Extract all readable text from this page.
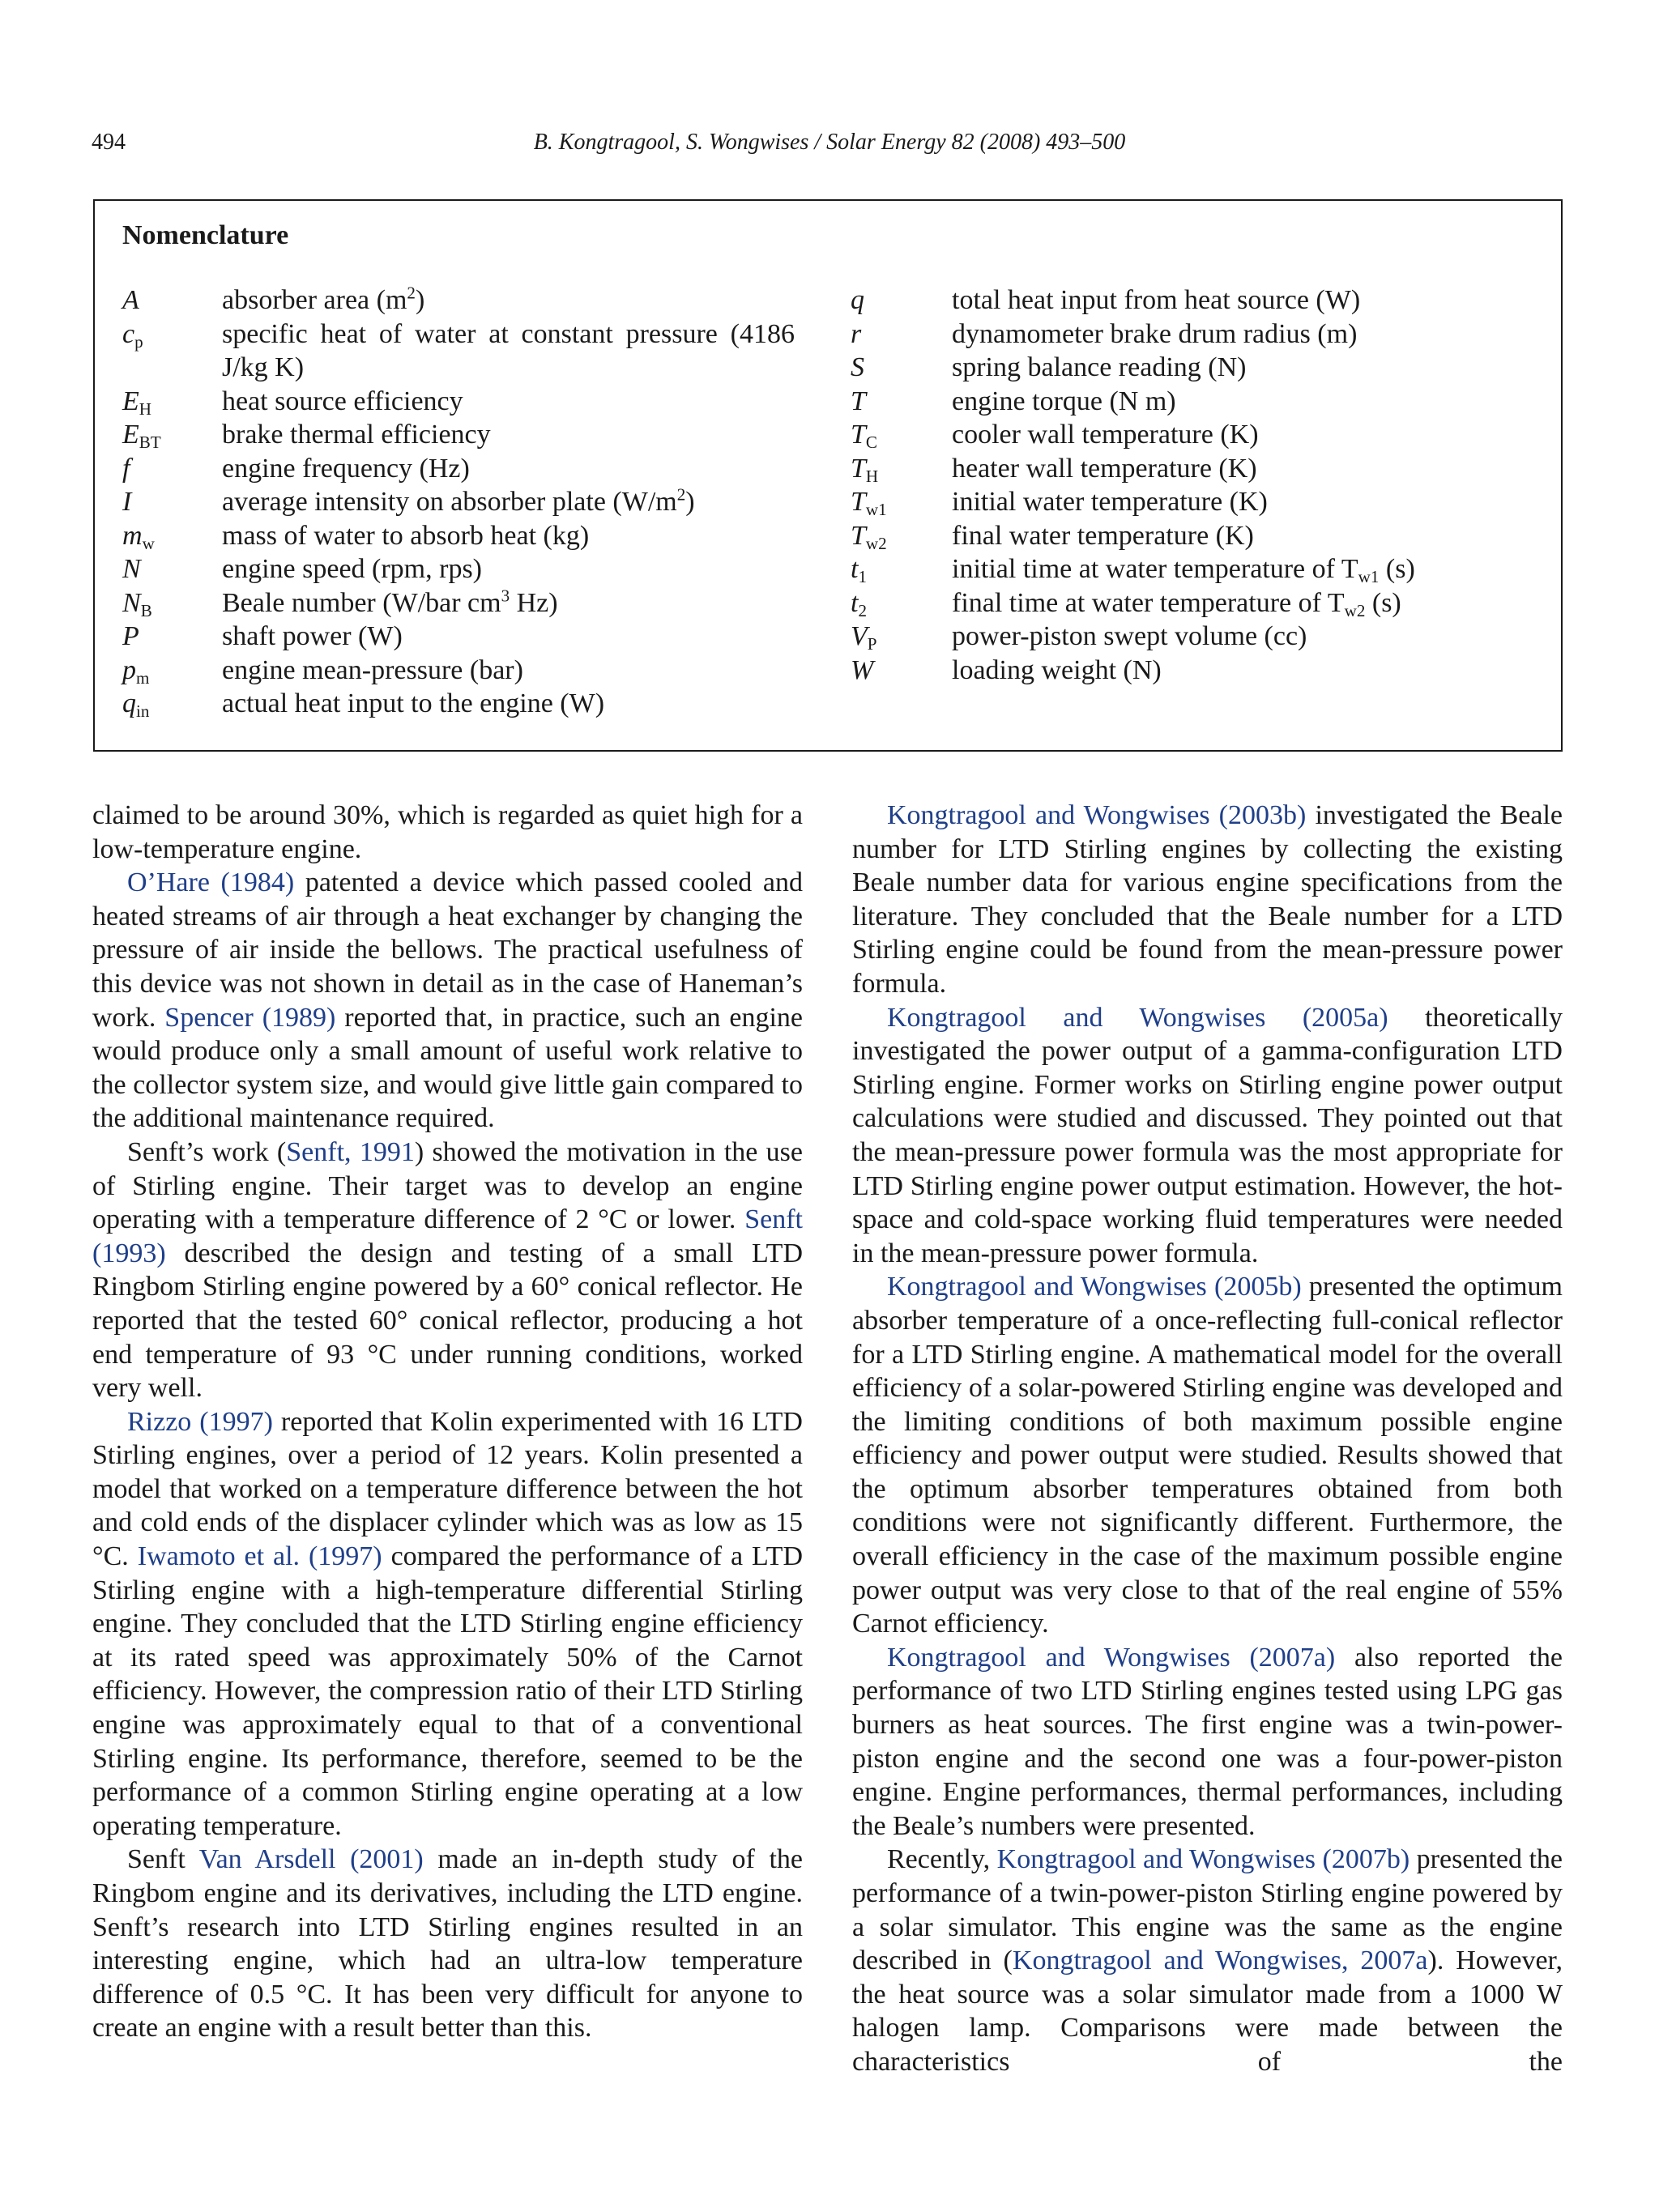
494	B. Kongtragool, S. Wongwises / Solar Energy 82 (2008) 493–500
Nomenclature
A	absorber area $(m^2)$
$c_p$	specific heat of water at constant pressure (4186 J/kg K)
$E_H$	heat source efficiency
$E_{BT}$	brake thermal efficiency
f	engine frequency (Hz)
I	average intensity on absorber plate $(W/m^2)$
$m_w$	mass of water to absorb heat (kg)
N	engine speed (rpm, rps)
$N_B$	Beale number (W/bar $cm^3$ Hz)
P	shaft power (W)
$p_m$	engine mean-pressure (bar)
$q_{in}$	actual heat input to the engine (W)
q	total heat input from heat source (W)
r	dynamometer brake drum radius (m)
S	spring balance reading (N)
T	engine torque (N m)
$T_C$	cooler wall temperature (K)
$T_H$	heater wall temperature (K)
$T_{w1}$	initial water temperature (K)
$T_{w2}$	final water temperature (K)
$t_1$	initial time at water temperature of $T_{w1}$ (s)
$t_2$	final time at water temperature of $T_{w2}$ (s)
$V_P$	power-piston swept volume (cc)
W	loading weight (N)

claimed to be around 30%, which is regarded as quiet high for a low-temperature engine.

O’Hare (1984) patented a device which passed cooled and heated streams of air through a heat exchanger by changing the pressure of air inside the bellows. The practical usefulness of this device was not shown in detail as in the case of Haneman’s work. Spencer (1989) reported that, in practice, such an engine would produce only a small amount of useful work relative to the collector system size, and would give little gain compared to the additional maintenance required.

Senft’s work (Senft, 1991) showed the motivation in the use of Stirling engine. Their target was to develop an engine operating with a temperature difference of 2 °C or lower. Senft (1993) described the design and testing of a small LTD Ringbom Stirling engine powered by a 60° conical reflector. He reported that the tested 60° conical reflector, producing a hot end temperature of 93 °C under running conditions, worked very well.

Rizzo (1997) reported that Kolin experimented with 16 LTD Stirling engines, over a period of 12 years. Kolin presented a model that worked on a temperature difference between the hot and cold ends of the displacer cylinder which was as low as 15 °C. Iwamoto et al. (1997) compared the performance of a LTD Stirling engine with a high-temperature differential Stirling engine. They concluded that the LTD Stirling engine efficiency at its rated speed was approximately 50% of the Carnot efficiency. However, the compression ratio of their LTD Stirling engine was approximately equal to that of a conventional Stirling engine. Its performance, therefore, seemed to be the performance of a common Stirling engine operating at a low operating temperature.

Senft Van Arsdell (2001) made an in-depth study of the Ringbom engine and its derivatives, including the LTD engine. Senft’s research into LTD Stirling engines resulted in an interesting engine, which had an ultra-low temperature difference of 0.5 °C. It has been very difficult for anyone to create an engine with a result better than this.

Kongtragool and Wongwises (2003b) investigated the Beale number for LTD Stirling engines by collecting the existing Beale number data for various engine specifications from the literature. They concluded that the Beale number for a LTD Stirling engine could be found from the mean-pressure power formula.

Kongtragool and Wongwises (2005a) theoretically investigated the power output of a gamma-configuration LTD Stirling engine. Former works on Stirling engine power output calculations were studied and discussed. They pointed out that the mean-pressure power formula was the most appropriate for LTD Stirling engine power output estimation. However, the hot-space and cold-space working fluid temperatures were needed in the mean-pressure power formula.

Kongtragool and Wongwises (2005b) presented the optimum absorber temperature of a once-reflecting full-conical reflector for a LTD Stirling engine. A mathematical model for the overall efficiency of a solar-powered Stirling engine was developed and the limiting conditions of both maximum possible engine efficiency and power output were studied. Results showed that the optimum absorber temperatures obtained from both conditions were not significantly different. Furthermore, the overall efficiency in the case of the maximum possible engine power output was very close to that of the real engine of 55% Carnot efficiency.

Kongtragool and Wongwises (2007a) also reported the performance of two LTD Stirling engines tested using LPG gas burners as heat sources. The first engine was a twin-power-piston engine and the second one was a four-power-piston engine. Engine performances, thermal performances, including the Beale’s numbers were presented.

Recently, Kongtragool and Wongwises (2007b) presented the performance of a twin-power-piston Stirling engine powered by a solar simulator. This engine was the same as the engine described in (Kongtragool and Wongwises, 2007a). However, the heat source was a solar simulator made from a 1000 W halogen lamp. Comparisons were made between the characteristics of the
